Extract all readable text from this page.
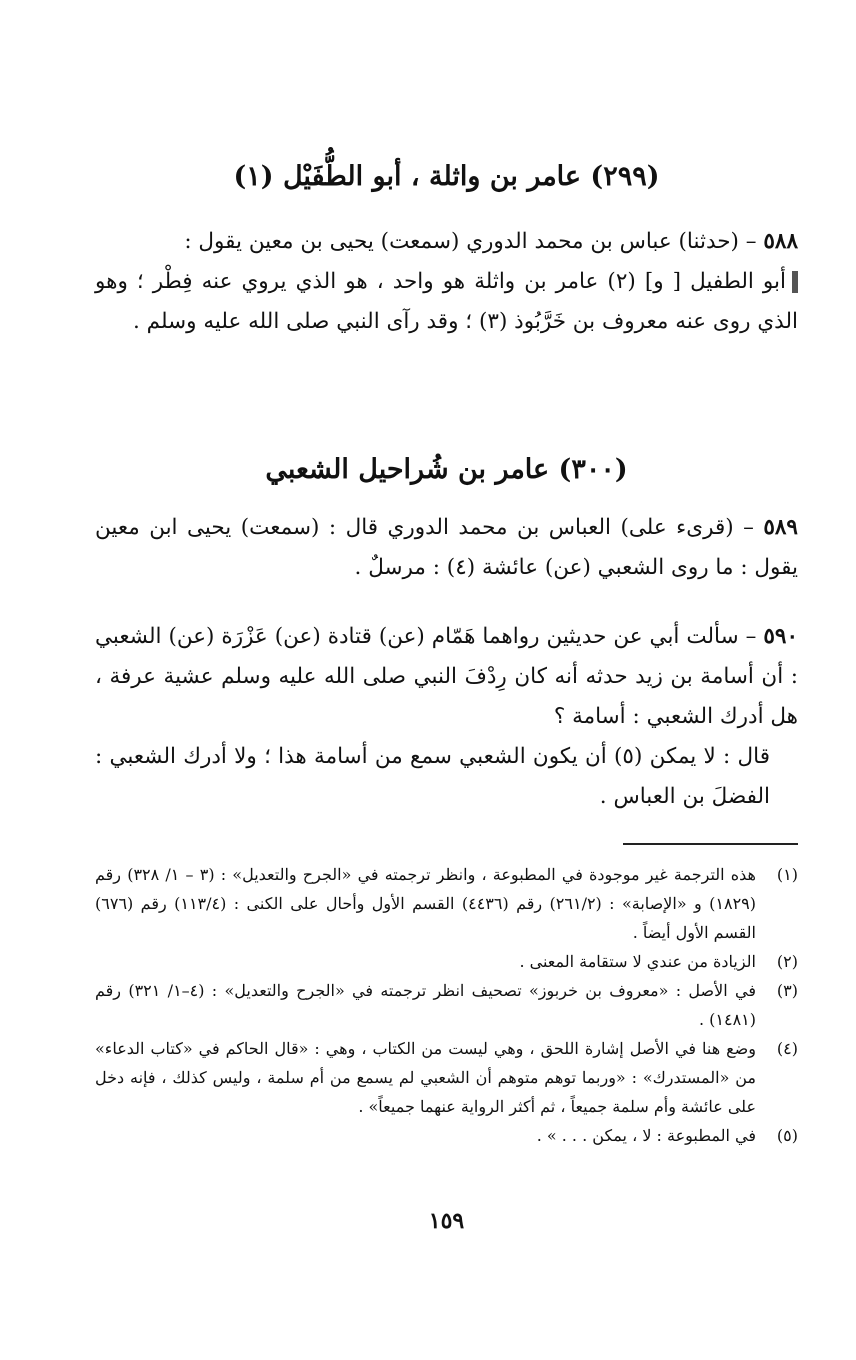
(٢٩٩) عامر بن واثلة ، أبو الطُّفَيْل (١)

٥٨٨ – (حدثنا) عباس بن محمد الدوري (سمعت) يحيى بن معين يقول :

أبو الطفيل [ و] (٢) عامر بن واثلة هو واحد ، هو الذي يروي عنه فِطْر ؛ وهو الذي روى عنه معروف بن خَرَّبُوذ (٣) ؛ وقد رآى النبي صلى الله عليه وسلم .

(٣٠٠) عامر بن شُراحيل الشعبي

٥٨٩ – (قرىء على) العباس بن محمد الدوري قال : (سمعت) يحيى ابن معين يقول : ما روى الشعبي (عن) عائشة (٤) : مرسلٌ .

٥٩٠ – سألت أبي عن حديثين رواهما هَمّام (عن) قتادة (عن) عَزْرَة (عن) الشعبي : أن أسامة بن زيد حدثه أنه كان رِدْفَ النبي صلى الله عليه وسلم عشية عرفة ، هل أدرك الشعبي : أسامة ؟

قال : لا يمكن (٥) أن يكون الشعبي سمع من أسامة هذا ؛ ولا أدرك الشعبي : الفضلَ بن العباس .

(١)
هذه الترجمة غير موجودة في المطبوعة ، وانظر ترجمته في «الجرح والتعديل» : (٣ – ١/ ٣٢٨) رقم (١٨٢٩) و «الإصابة» : (٢٦١/٢) رقم (٤٤٣٦) القسم الأول وأحال على الكنى : (١١٣/٤) رقم (٦٧٦) القسم الأول أيضاً .
(٢)
الزيادة من عندي لا ستقامة المعنى .
(٣)
في الأصل : «معروف بن خربوز» تصحيف انظر ترجمته في «الجرح والتعديل» : (٤–١/ ٣٢١) رقم (١٤٨١) .
(٤)
وضع هنا في الأصل إشارة اللحق ، وهي ليست من الكتاب ، وهي : «قال الحاكم في «كتاب الدعاء» من «المستدرك» : «وربما توهم متوهم أن الشعبي لم يسمع من أم سلمة ، وليس كذلك ، فإنه دخل على عائشة وأم سلمة جميعاً ، ثم أكثر الرواية عنهما جميعاً» .
(٥)
في المطبوعة : لا ، يمكن . . . » .
١٥٩
